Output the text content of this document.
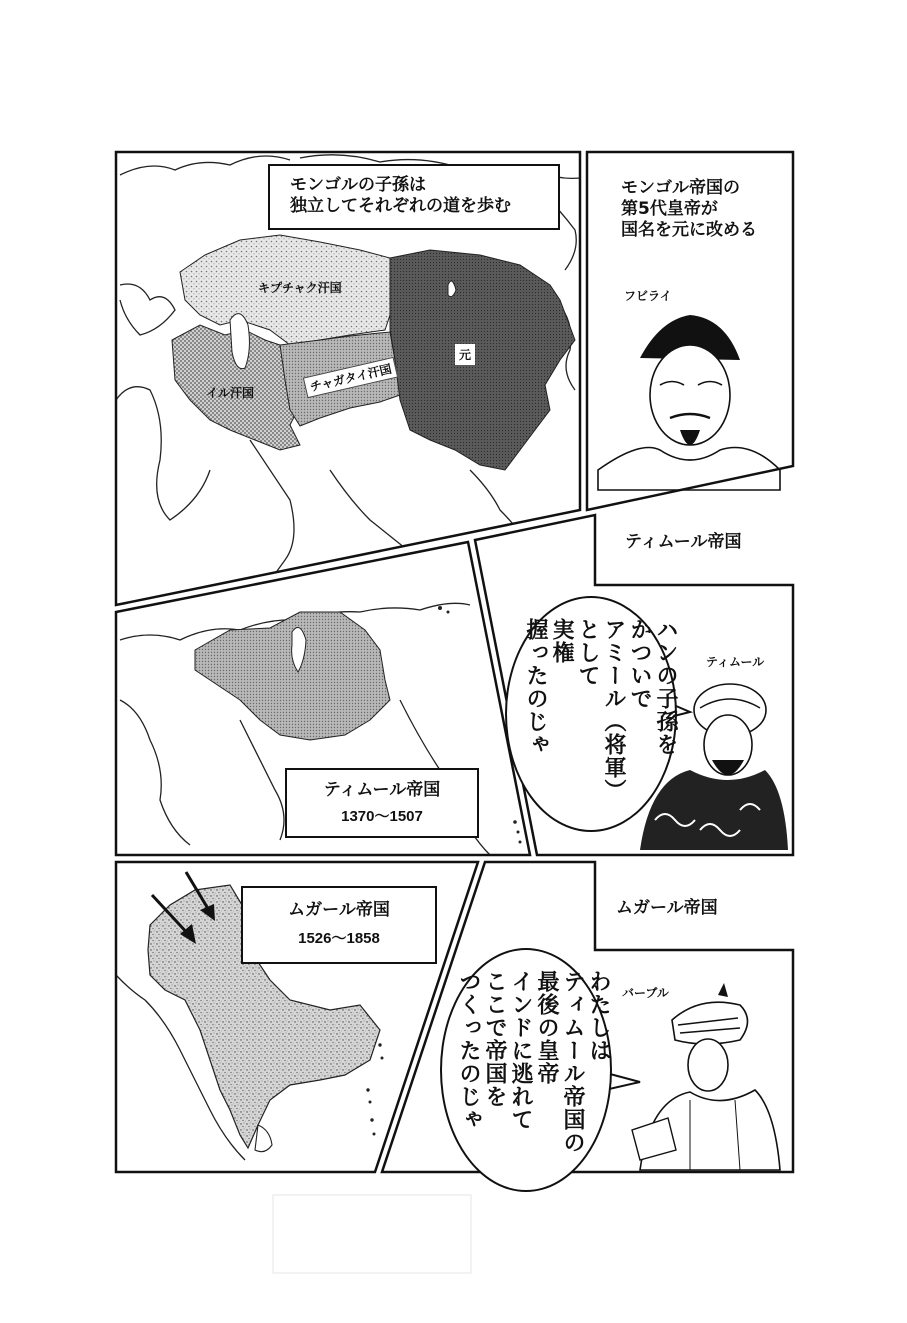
モンゴルの子孫は
独立してそれぞれの道を歩む
キプチャク汗国
チャガタイ汗国
イル汗国
元
モンゴル帝国の
第5代皇帝が
国名を元に改める
フビライ
ティムール帝国
ティムール帝国
1370〜1507
ハンの子孫を
かついで
アミール（将軍）
として
実権
握ったのじゃ	ティムール
ムガール帝国
ムガール帝国
1526〜1858
わたしは
ティムール帝国の
最後の皇帝
インドに逃れて
ここで帝国を
つくったのじゃ	バーブル
